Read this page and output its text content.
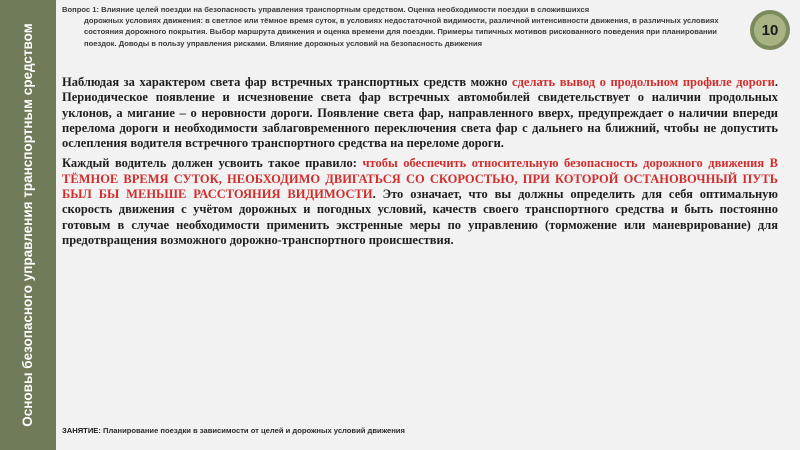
Основы безопасного управления транспортным средством
Вопрос 1: Влияние целей поездки на безопасность управления транспортным средством. Оценка необходимости поездки в сложившихся
дорожных условиях движения: в светлое или тёмное время суток, в условиях недостаточной видимости, различной интенсивности движения, в различных условиях состояния дорожного покрытия. Выбор маршрута движения и оценка времени для поездки. Примеры типичных мотивов рискованного поведения при планировании поездок. Доводы в пользу управления рисками. Влияние дорожных условий на безопасность движения
10

Наблюдая за характером света фар встречных транспортных средств можно сделать вывод о продольном профиле дороги. Периодическое появление и исчезновение света фар встречных автомобилей свидетельствует о наличии продольных уклонов, а мигание – о неровности дороги. Появление света фар, направленного вверх, предупреждает о наличии впереди перелома дороги и необходимости заблаговременного переключения света фар с дальнего на ближний, чтобы не допустить ослепления водителя встречного транспортного средства на переломе дороги.

Каждый водитель должен усвоить такое правило: чтобы обеспечить относительную безопасность дорожного движения В ТЁМНОЕ ВРЕМЯ СУТОК, НЕОБХОДИМО ДВИГАТЬСЯ СО СКОРОСТЬЮ, ПРИ КОТОРОЙ ОСТАНОВОЧНЫЙ ПУТЬ БЫЛ БЫ МЕНЬШЕ РАССТОЯНИЯ ВИДИМОСТИ. Это означает, что вы должны определить для себя оптимальную скорость движения с учётом дорожных и погодных условий, качеств своего транспортного средства и быть постоянно готовым в случае необходимости применить экстренные меры по управлению (торможение или маневрирование) для предотвращения возможного дорожно-транспортного происшествия.

ЗАНЯТИЕ: Планирование поездки в зависимости от целей и дорожных условий движения
